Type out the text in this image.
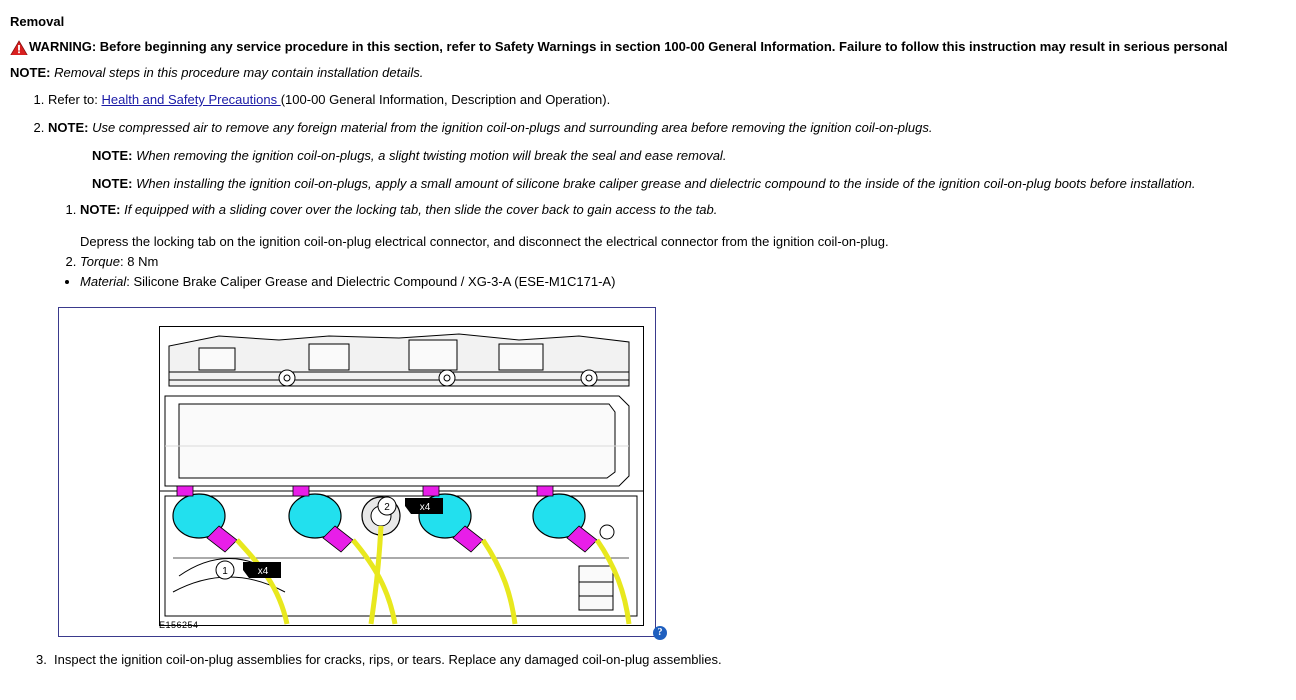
Removal
WARNING: Before beginning any service procedure in this section, refer to Safety Warnings in section 100-00 General Information. Failure to follow this instruction may result in serious personal
NOTE: Removal steps in this procedure may contain installation details.
1. Refer to: Health and Safety Precautions (100-00 General Information, Description and Operation).
2. NOTE: Use compressed air to remove any foreign material from the ignition coil-on-plugs and surrounding area before removing the ignition coil-on-plugs.
NOTE: When removing the ignition coil-on-plugs, a slight twisting motion will break the seal and ease removal.
NOTE: When installing the ignition coil-on-plugs, apply a small amount of silicone brake caliper grease and dielectric compound to the inside of the ignition coil-on-plug boots before installation.
1. NOTE: If equipped with a sliding cover over the locking tab, then slide the cover back to gain access to the tab.
Depress the locking tab on the ignition coil-on-plug electrical connector, and disconnect the electrical connector from the ignition coil-on-plug.
2. Torque: 8 Nm
• Material: Silicone Brake Caliper Grease and Dielectric Compound / XG-3-A (ESE-M1C171-A)
2	x4
1	x4
E156254
?
3. Inspect the ignition coil-on-plug assemblies for cracks, rips, or tears. Replace any damaged coil-on-plug assemblies.
